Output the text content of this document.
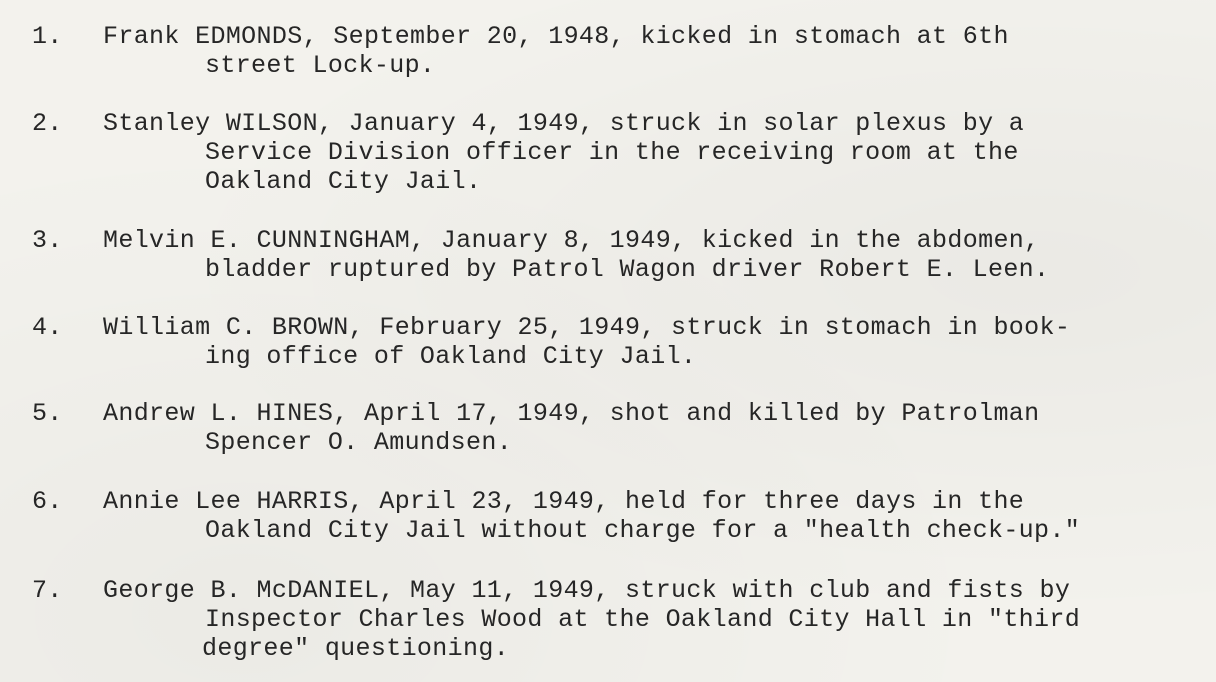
1. Frank EDMONDS, September 20, 1948, kicked in stomach at 6th
street Lock-up.
2. Stanley WILSON, January 4, 1949, struck in solar plexus by a
Service Division officer in the receiving room at the
Oakland City Jail.
3. Melvin E. CUNNINGHAM, January 8, 1949, kicked in the abdomen,
bladder ruptured by Patrol Wagon driver Robert E. Leen.
4. William C. BROWN, February 25, 1949, struck in stomach in book-
ing office of Oakland City Jail.
5. Andrew L. HINES, April 17, 1949, shot and killed by Patrolman
Spencer O. Amundsen.
6. Annie Lee HARRIS, April 23, 1949, held for three days in the
Oakland City Jail without charge for a "health check-up."
7. George B. McDANIEL, May 11, 1949, struck with club and fists by
Inspector Charles Wood at the Oakland City Hall in "third
degree" questioning.
